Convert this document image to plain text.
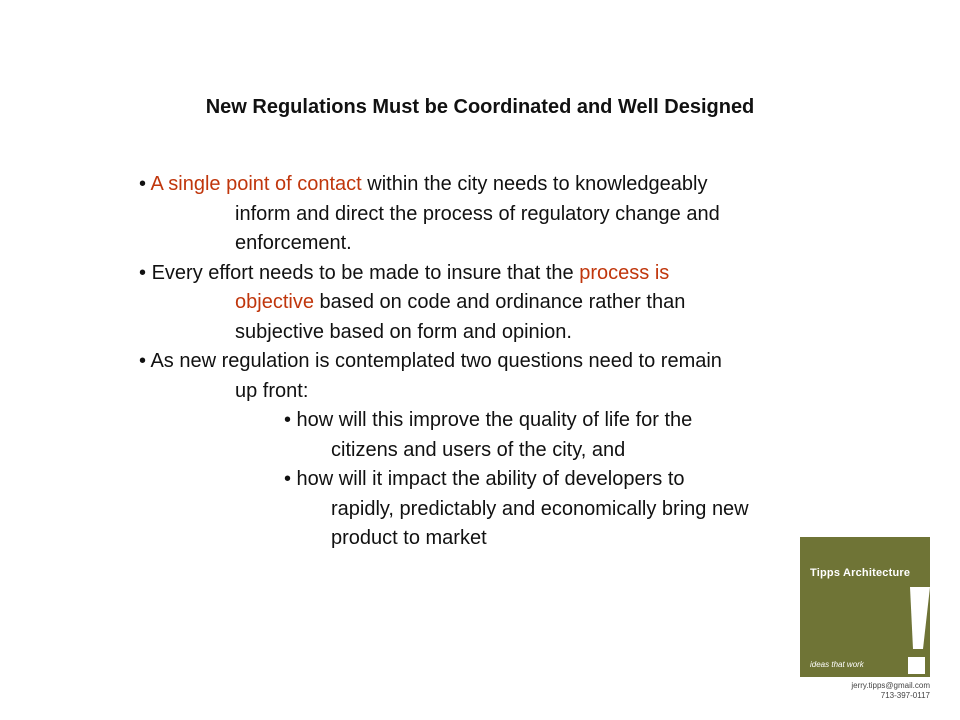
New Regulations Must be Coordinated and Well Designed
• A single point of contact within the city needs to knowledgeably
inform and direct the process of regulatory change and
enforcement.
• Every effort needs to be made to insure that the process is
objective based on code and ordinance rather than
subjective based on form and opinion.
• As new regulation is contemplated two questions need to remain
up front:
• how will this improve the quality of life for the
citizens and users of the city, and
• how will it impact the ability of developers to
rapidly, predictably and economically bring new
product to market
Tipps Architecture
ideas that work
jerry.tipps@gmail.com
713-397-0117
